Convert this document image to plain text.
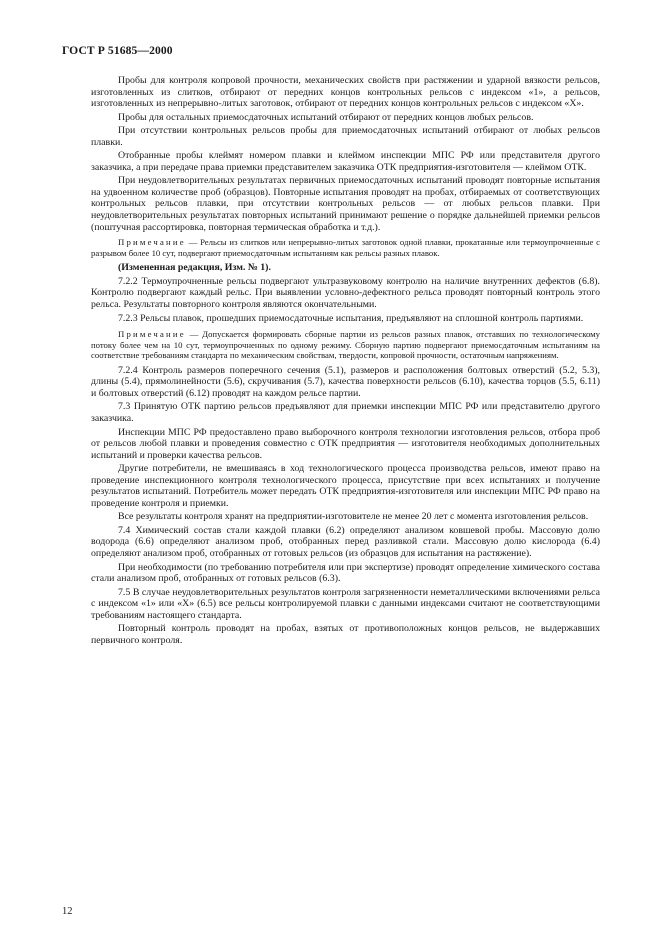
ГОСТ Р 51685—2000

Пробы для контроля копровой прочности, механических свойств при растяжении и ударной вязкости рельсов, изготовленных из слитков, отбирают от передних концов контрольных рельсов с индексом «1», а рельсов, изготовленных из непрерывно-литых заготовок, отбирают от передних концов контрольных рельсов с индексом «Х».

Пробы для остальных приемосдаточных испытаний отбирают от передних концов любых рельсов.

При отсутствии контрольных рельсов пробы для приемосдаточных испытаний отбирают от любых рельсов плавки.

Отобранные пробы клеймят номером плавки и клеймом инспекции МПС РФ или представителя другого заказчика, а при передаче права приемки представителем заказчика ОТК предприятия-изготовителя — клеймом ОТК.

При неудовлетворительных результатах первичных приемосдаточных испытаний проводят повторные испытания на удвоенном количестве проб (образцов). Повторные испытания проводят на пробах, отбираемых от соответствующих контрольных рельсов плавки, при отсутствии контрольных рельсов — от любых рельсов плавки. При неудовлетворительных результатах повторных испытаний принимают решение о порядке дальнейшей приемки рельсов (поштучная рассортировка, повторная термическая обработка и т.д.).

Примечание — Рельсы из слитков или непрерывно-литых заготовок одной плавки, прокатанные или термоупрочненные с разрывом более 10 сут, подвергают приемосдаточным испытаниям как рельсы разных плавок.

(Измененная редакция, Изм. № 1).

7.2.2 Термоупрочненные рельсы подвергают ультразвуковому контролю на наличие внутренних дефектов (6.8). Контролю подвергают каждый рельс. При выявлении условно-дефектного рельса проводят повторный контроль этого рельса. Результаты повторного контроля являются окончательными.

7.2.3 Рельсы плавок, прошедших приемосдаточные испытания, предъявляют на сплошной контроль партиями.

Примечание — Допускается формировать сборные партии из рельсов разных плавок, отставших по технологическому потоку более чем на 10 сут, термоупрочненных по одному режиму. Сборную партию подвергают приемосдаточным испытаниям на соответствие требованиям стандарта по механическим свойствам, твердости, копровой прочности, остаточным напряжениям.

7.2.4 Контроль размеров поперечного сечения (5.1), размеров и расположения болтовых отверстий (5.2, 5.3), длины (5.4), прямолинейности (5.6), скручивания (5.7), качества поверхности рельсов (6.10), качества торцов (5.5, 6.11) и болтовых отверстий (6.12) проводят на каждом рельсе партии.

7.3 Принятую ОТК партию рельсов предъявляют для приемки инспекции МПС РФ или представителю другого заказчика.

Инспекции МПС РФ предоставлено право выборочного контроля технологии изготовления рельсов, отбора проб от рельсов любой плавки и проведения совместно с ОТК предприятия — изготовителя необходимых дополнительных испытаний и проверки качества рельсов.

Другие потребители, не вмешиваясь в ход технологического процесса производства рельсов, имеют право на проведение инспекционного контроля технологического процесса, присутствие при всех испытаниях и получение результатов испытаний. Потребитель может передать ОТК предприятия-изготовителя или инспекции МПС РФ право на проведение контроля и приемки.

Все результаты контроля хранят на предприятии-изготовителе не менее 20 лет с момента изготовления рельсов.

7.4 Химический состав стали каждой плавки (6.2) определяют анализом ковшевой пробы. Массовую долю водорода (6.6) определяют анализом проб, отобранных перед разливкой стали. Массовую долю кислорода (6.4) определяют анализом проб, отобранных от готовых рельсов (из образцов для испытания на растяжение).

При необходимости (по требованию потребителя или при экспертизе) проводят определение химического состава стали анализом проб, отобранных от готовых рельсов (6.3).

7.5 В случае неудовлетворительных результатов контроля загрязненности неметаллическими включениями рельса с индексом «1» или «Х» (6.5) все рельсы контролируемой плавки с данными индексами считают не соответствующими требованиям настоящего стандарта.

Повторный контроль проводят на пробах, взятых от противоположных концов рельсов, не выдержавших первичного контроля.

12
